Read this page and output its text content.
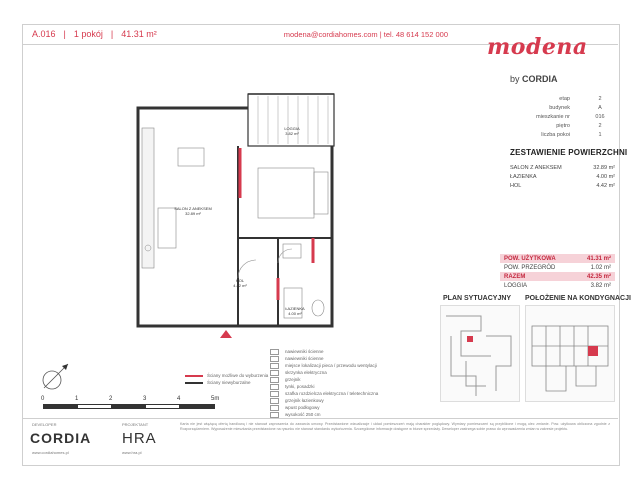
A.016 | 1 pokój | 41.31 m²	modena@cordiahomes.com | tel. 48 614 152 000 modena
by CORDIA
etap	2
budynek	A
mieszkanie nr	016
piętro	2
liczba pokoi	1
ZESTAWIENIE POWIERZCHNI
SALON Z ANEKSEM	32.89 m²
ŁAZIENKA	4.00 m²
HOL	4.42 m²
POW. UŻYTKOWA	41.31 m²
POW. PRZEGRÓD	1.02 m²
RAZEM	42.35 m²
LOGGIA	3.82 m²
LOGGIA
3.82 m²
SALON Z ANEKSEM
32.89 m²
HOL
4.42 m²
ŁAZIENKA
4.00 m²
Ściany możliwe do wyburzenia
Ściany niewyburzalne
nawiewniki ścienne
nawiewniki ścienne
miejsce lokalizacji pieca / przewodu wentylacji
skrzynka elektryczna
grzejnik
tynki, posadzki
szafka rozdzielcza elektryczna / teletechniczna
grzejnik łazienkowy
wpust podłogowy
wysokość 250 cm
0	1	2	3	4	5m
PLAN SYTUACYJNY POŁOŻENIE NA KONDYGNACJI
DEVELOPER
CORDIA
www.cordiahomes.pl
PROJEKTANT
HRA
www.hra.pl
Karta nie jest wiążącą ofertą handlową i nie stanowi zaproszenia do zawarcia umowy. Przedstawione wizualizacje i układ pomieszczeń mają charakter poglądowy. Wymiary pomieszczeń są przybliżone i mogą ulec zmianie. Pow. użytkowa obliczona zgodnie z Rozporządzeniem. Wyposażenie mieszkania przedstawione na rysunku nie stanowi standardu wykończenia. Szczegółowe informacje dostępne w biurze sprzedaży. Deweloper zastrzega sobie prawo do wprowadzenia zmian w zakresie projektu.
